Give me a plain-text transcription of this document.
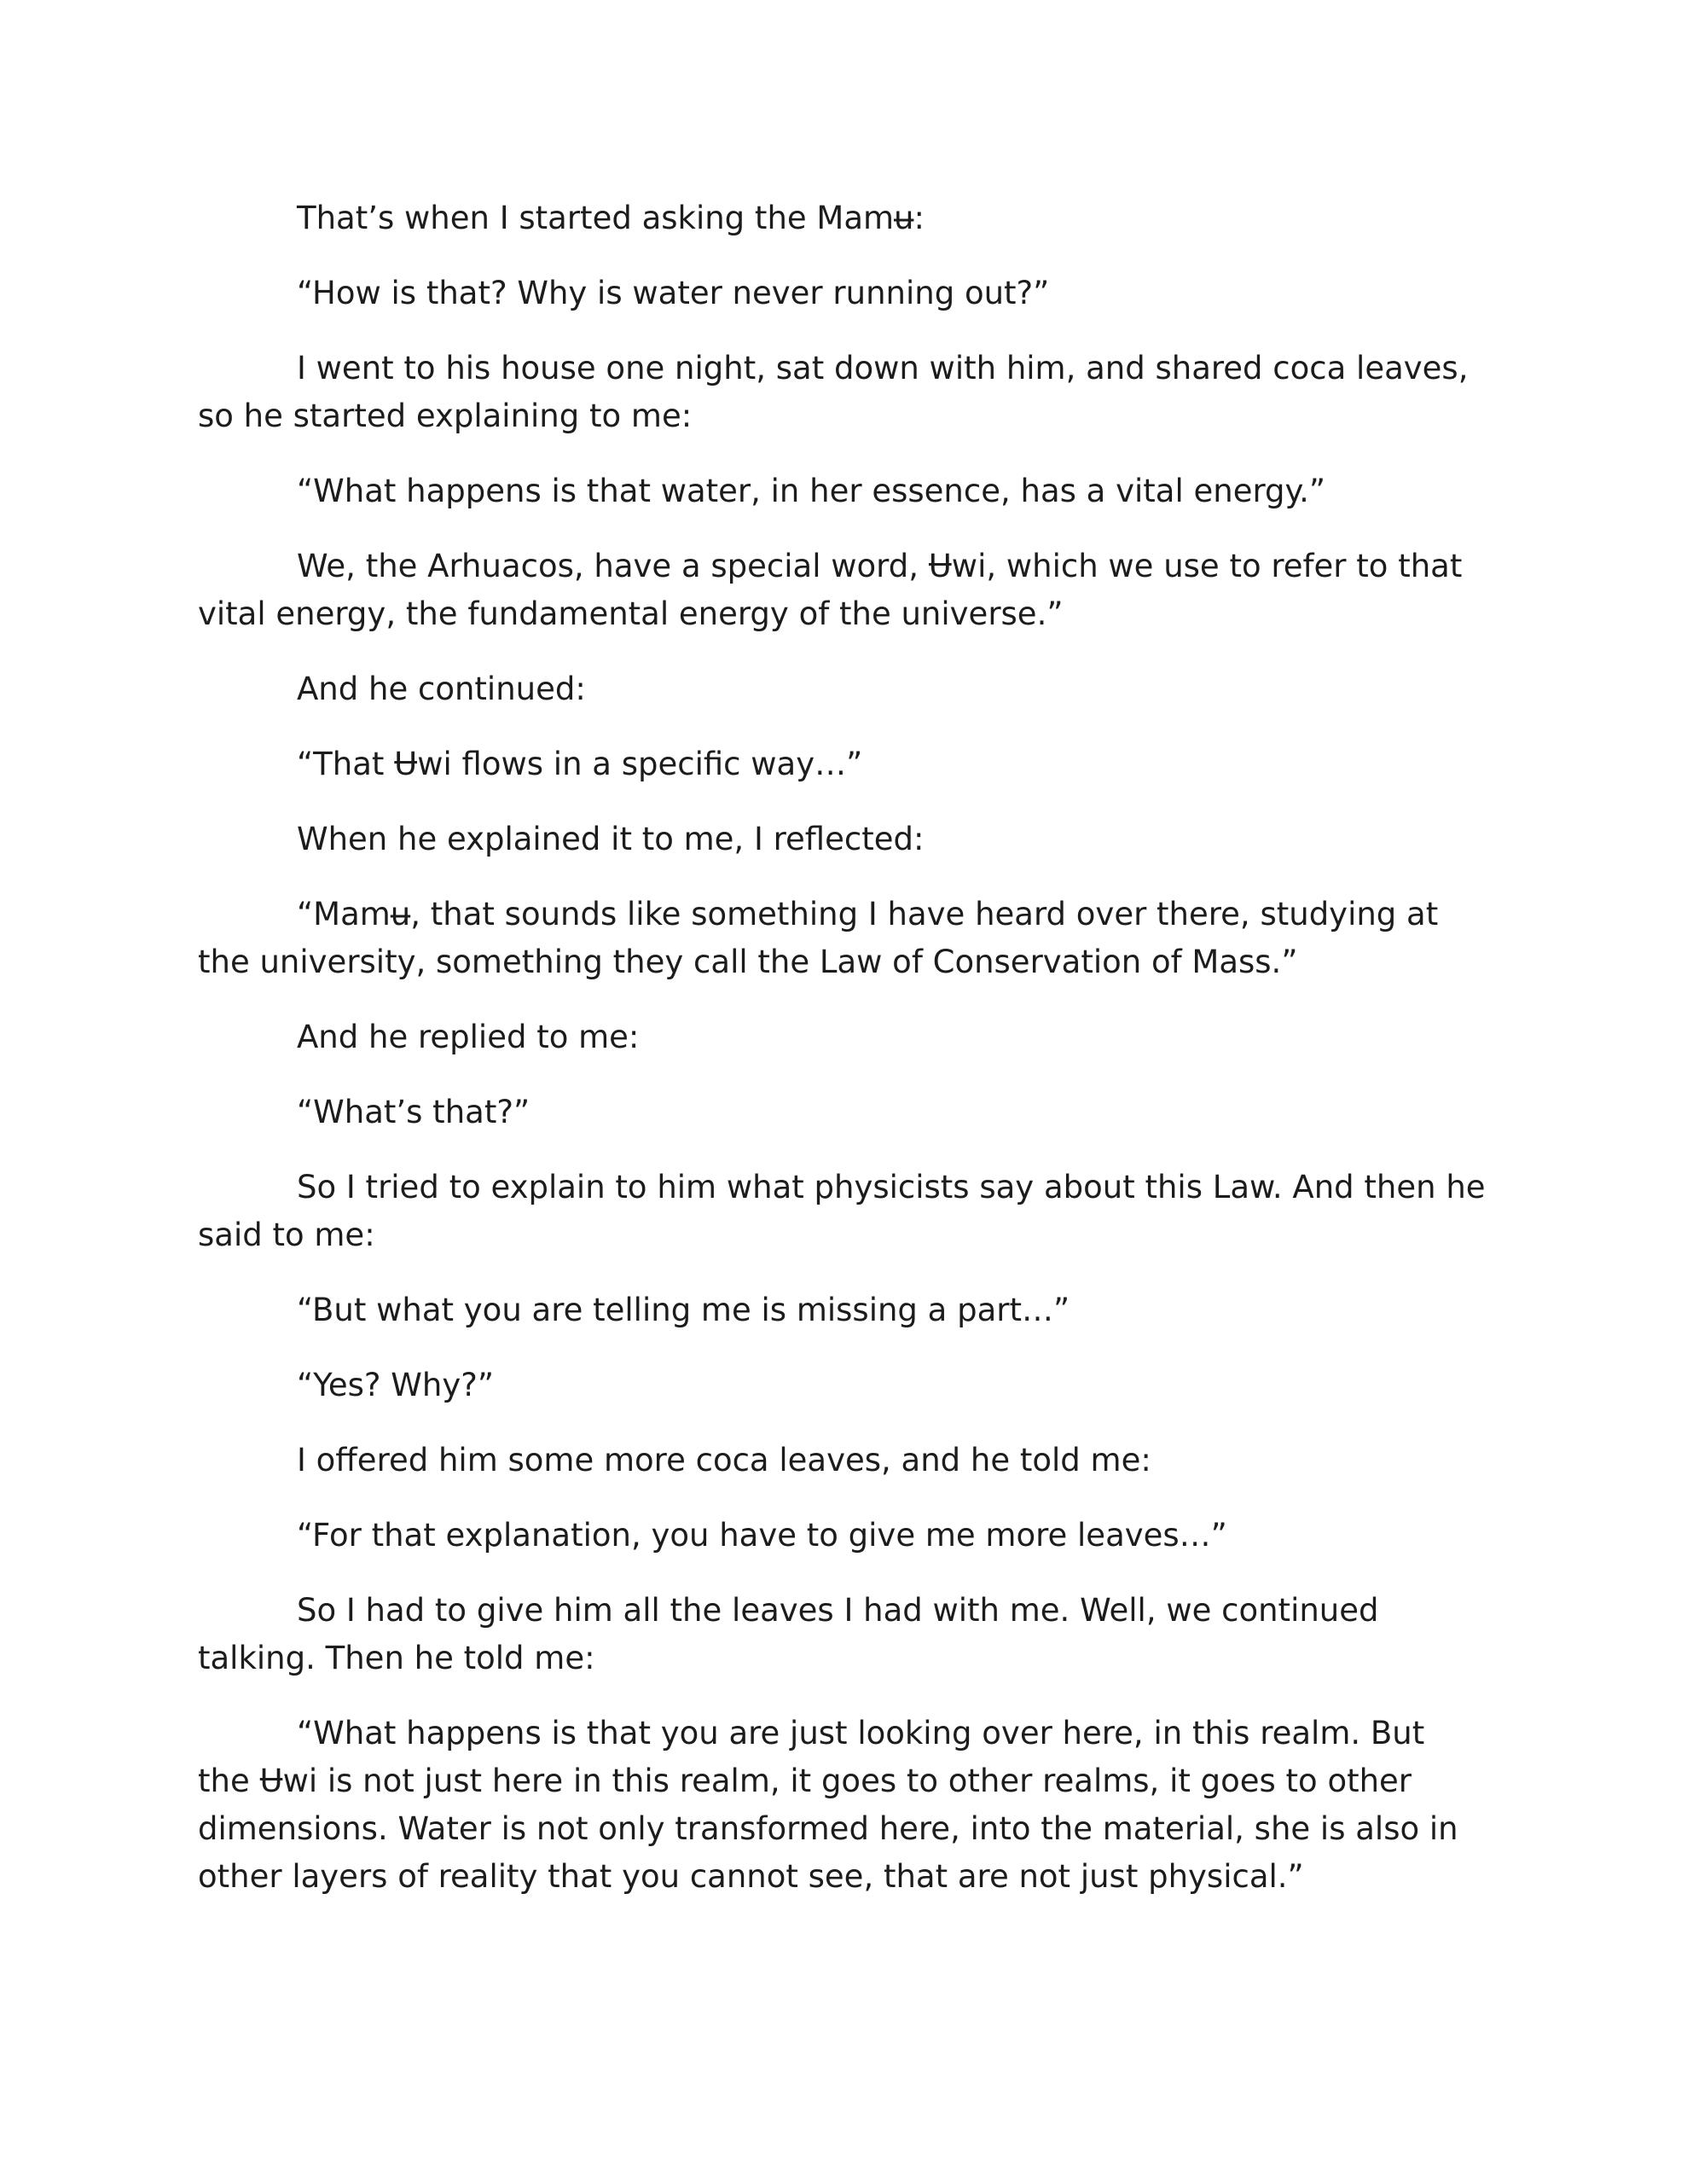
That’s when I started asking the Mamʉ:

“How is that? Why is water never running out?”

I went to his house one night, sat down with him, and shared coca leaves, so he started explaining to me:

“What happens is that water, in her essence, has a vital energy.”

We, the Arhuacos, have a special word, Ʉwi, which we use to refer to that vital energy, the fundamental energy of the universe.”

And he continued:

“That Ʉwi flows in a specific way…”

When he explained it to me, I reflected:

“Mamʉ, that sounds like something I have heard over there, studying at the university, something they call the Law of Conservation of Mass.”

And he replied to me:

“What’s that?”

So I tried to explain to him what physicists say about this Law. And then he said to me:

“But what you are telling me is missing a part…”

“Yes? Why?”

I offered him some more coca leaves, and he told me:

“For that explanation, you have to give me more leaves…”

So I had to give him all the leaves I had with me. Well, we continued talking. Then he told me:

“What happens is that you are just looking over here, in this realm. But the Ʉwi is not just here in this realm, it goes to other realms, it goes to other dimensions. Water is not only transformed here, into the material, she is also in other layers of reality that you cannot see, that are not just physical.”
